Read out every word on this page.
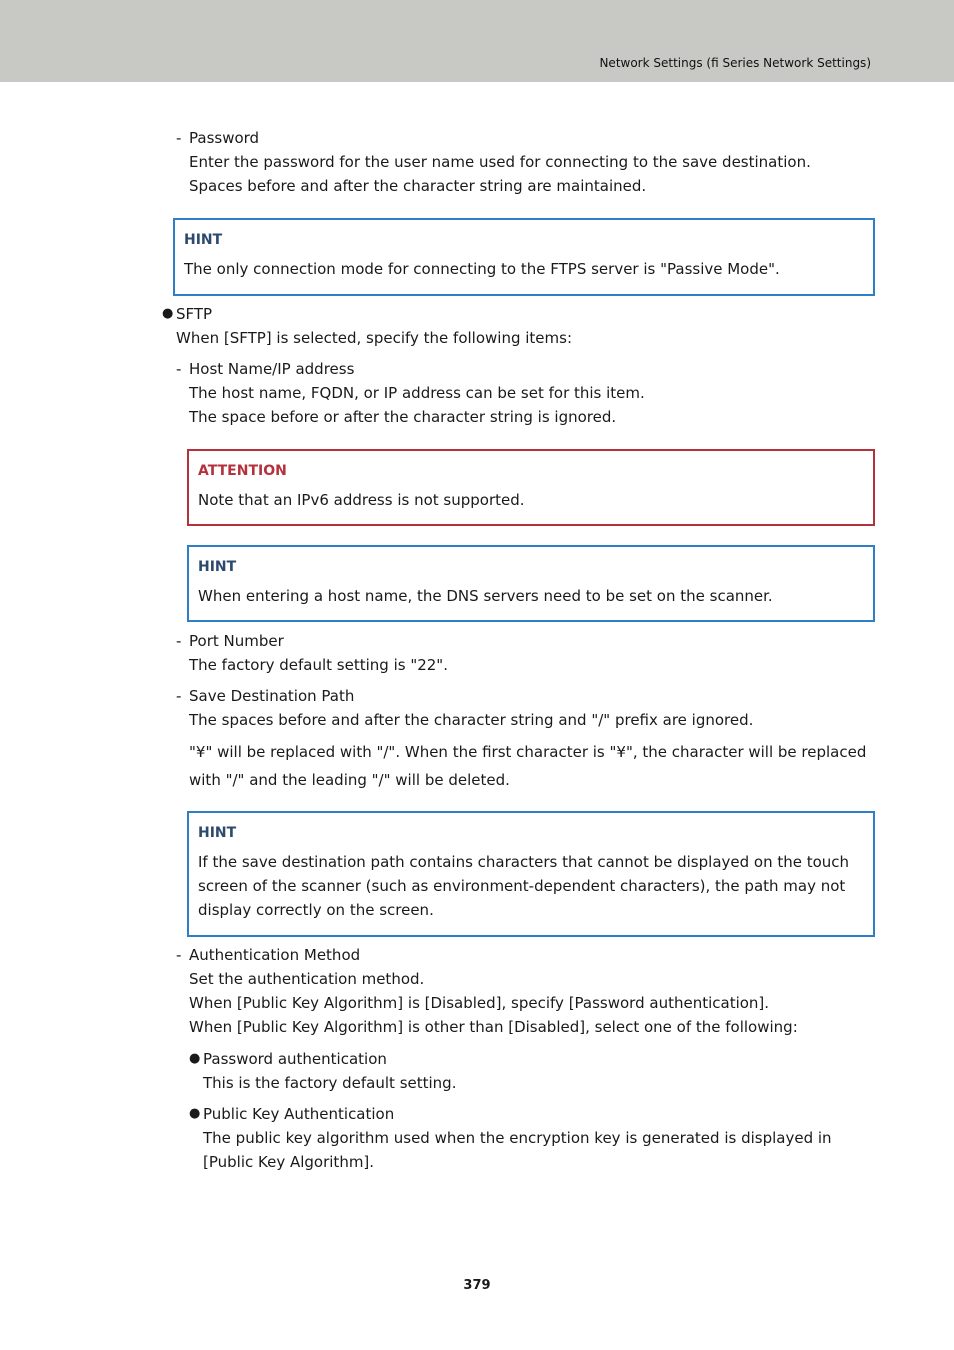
Network Settings (fi Series Network Settings)
- Password
Enter the password for the user name used for connecting to the save destination.
Spaces before and after the character string are maintained.
HINT
The only connection mode for connecting to the FTPS server is "Passive Mode".
● SFTP
When [SFTP] is selected, specify the following items:
- Host Name/IP address
The host name, FQDN, or IP address can be set for this item.
The space before or after the character string is ignored.
ATTENTION
Note that an IPv6 address is not supported.
HINT
When entering a host name, the DNS servers need to be set on the scanner.
- Port Number
The factory default setting is "22".
- Save Destination Path
The spaces before and after the character string and "/" prefix are ignored.
"¥" will be replaced with "/". When the first character is "¥", the character will be replaced
with "/" and the leading "/" will be deleted.
HINT
If the save destination path contains characters that cannot be displayed on the touch
screen of the scanner (such as environment-dependent characters), the path may not
display correctly on the screen.
- Authentication Method
Set the authentication method.
When [Public Key Algorithm] is [Disabled], specify [Password authentication].
When [Public Key Algorithm] is other than [Disabled], select one of the following:
● Password authentication
This is the factory default setting.
● Public Key Authentication
The public key algorithm used when the encryption key is generated is displayed in
[Public Key Algorithm].
379
